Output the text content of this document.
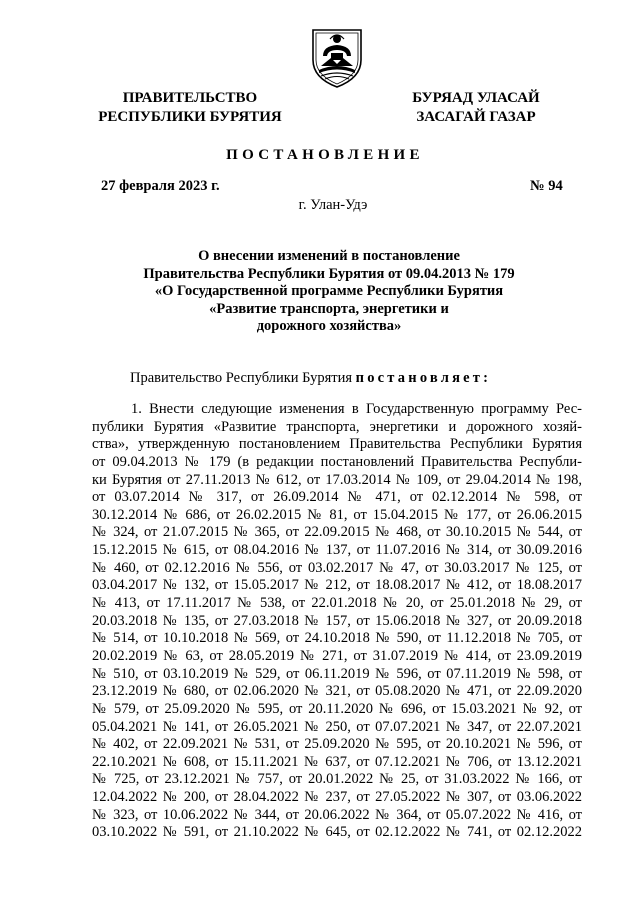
ПРАВИТЕЛЬСТВО
РЕСПУБЛИКИ БУРЯТИЯ
БУРЯАД УЛАСАЙ
ЗАСАГАЙ ГАЗАР
ПОСТАНОВЛЕНИЕ
27 февраля 2023 г.	№ 94
г. Улан-Удэ
О внесении изменений в постановление
Правительства Республики Бурятия от 09.04.2013 № 179
«О Государственной программе Республики Бурятия
«Развитие транспорта, энергетики и
дорожного хозяйства»
Правительство Республики Бурятия постановляет:
1. Внести следующие изменения в Государственную программу Рес-
публики Бурятия «Развитие транспорта, энергетики и дорожного хозяй-
ства», утвержденную постановлением Правительства Республики Бурятия
от 09.04.2013 № 179 (в редакции постановлений Правительства Республи-
ки Бурятия от 27.11.2013 № 612, от 17.03.2014 № 109, от 29.04.2014 № 198,
от 03.07.2014 № 317, от 26.09.2014 № 471, от 02.12.2014 № 598, от
30.12.2014 № 686, от 26.02.2015 № 81, от 15.04.2015 № 177, от 26.06.2015
№ 324, от 21.07.2015 № 365, от 22.09.2015 № 468, от 30.10.2015 № 544, от
15.12.2015 № 615, от 08.04.2016 № 137, от 11.07.2016 № 314, от 30.09.2016
№ 460, от 02.12.2016 № 556, от 03.02.2017 № 47, от 30.03.2017 № 125, от
03.04.2017 № 132, от 15.05.2017 № 212, от 18.08.2017 № 412, от 18.08.2017
№ 413, от 17.11.2017 № 538, от 22.01.2018 № 20, от 25.01.2018 № 29, от
20.03.2018 № 135, от 27.03.2018 № 157, от 15.06.2018 № 327, от 20.09.2018
№ 514, от 10.10.2018 № 569, от 24.10.2018 № 590, от 11.12.2018 № 705, от
20.02.2019 № 63, от 28.05.2019 № 271, от 31.07.2019 № 414, от 23.09.2019
№ 510, от 03.10.2019 № 529, от 06.11.2019 № 596, от 07.11.2019 № 598, от
23.12.2019 № 680, от 02.06.2020 № 321, от 05.08.2020 № 471, от 22.09.2020
№ 579, от 25.09.2020 № 595, от 20.11.2020 № 696, от 15.03.2021 № 92, от
05.04.2021 № 141, от 26.05.2021 № 250, от 07.07.2021 № 347, от 22.07.2021
№ 402, от 22.09.2021 № 531, от 25.09.2020 № 595, от 20.10.2021 № 596, от
22.10.2021 № 608, от 15.11.2021 № 637, от 07.12.2021 № 706, от 13.12.2021
№ 725, от 23.12.2021 № 757, от 20.01.2022 № 25, от 31.03.2022 № 166, от
12.04.2022 № 200, от 28.04.2022 № 237, от 27.05.2022 № 307, от 03.06.2022
№ 323, от 10.06.2022 № 344, от 20.06.2022 № 364, от 05.07.2022 № 416, от
03.10.2022 № 591, от 21.10.2022 № 645, от 02.12.2022 № 741, от 02.12.2022
